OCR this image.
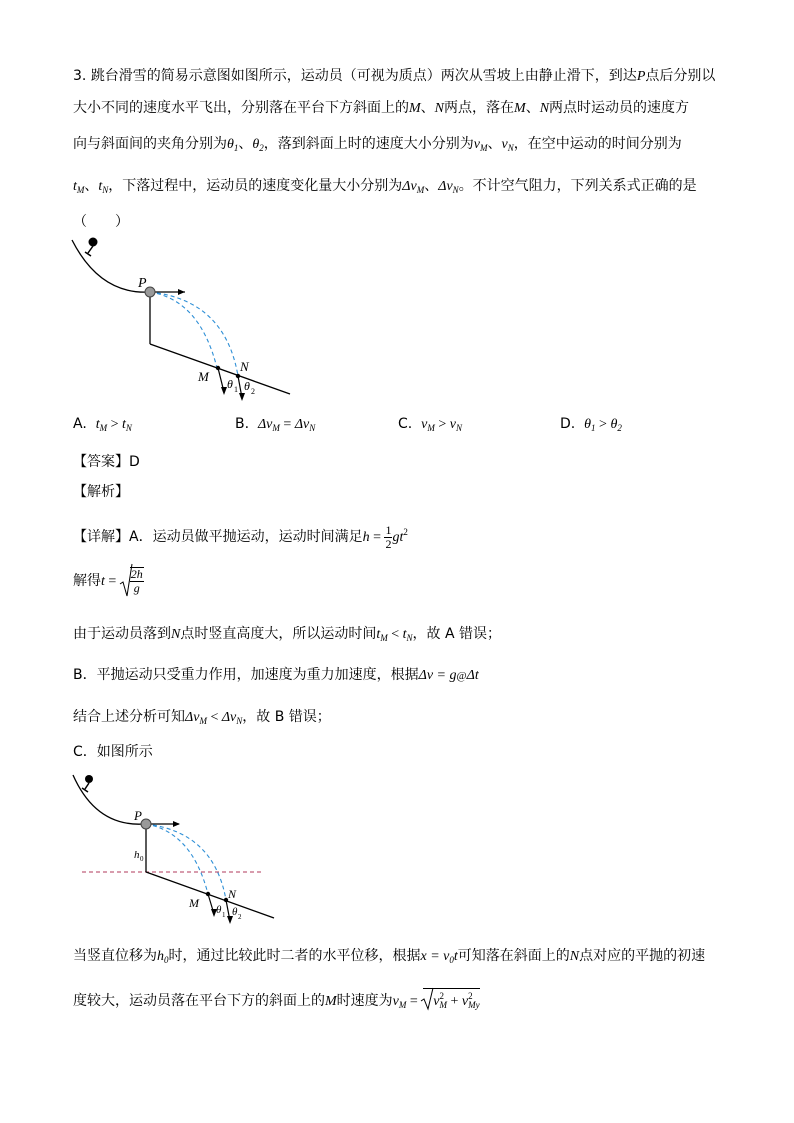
3. 跳台滑雪的简易示意图如图所示，运动员（可视为质点）两次从雪坡上由静止滑下，到达P点后分别以
大小不同的速度水平飞出，分别落在平台下方斜面上的M、N两点，落在M、N两点时运动员的速度方
向与斜面间的夹角分别为$\theta_1$、$\theta_2$，落到斜面上时的速度大小分别为$v_M$、$v_N$，在空中运动的时间分别为
$t_M$、$t_N$，下落过程中，运动员的速度变化量大小分别为$\Delta v_M$、$\Delta v_N$。不计空气阻力，下列关系式正确的是
（　　）
P
M
N
θ 1 θ 2
A. $t_M > t_N$	B. $\Delta v_M = \Delta v_N$	C. $v_M > v_N$	D. $\theta_1 > \theta_2$
【答案】D
【解析】
【详解】A．运动员做平抛运动，运动时间满足$h = \frac{1}{2} gt^2$
解得$t = \frac{2h}{g}$
由于运动员落到N点时竖直高度大，所以运动时间$t_M < t_N$，故 A 错误；
B．平抛运动只受重力作用，加速度为重力加速度，根据Δv = g@Δt
结合上述分析可知$\Delta v_M < \Delta v_N$，故 B 错误；
C．如图所示
P
h 0
M
N
θ 1 θ 2
当竖直位移为$h_0$时，通过比较此时二者的水平位移，根据$x = v_0t$可知落在斜面上的N点对应的平抛的初速
度较大，运动员落在平台下方的斜面上的M时速度为$v_M$ =
v 2
M + v 2
My
